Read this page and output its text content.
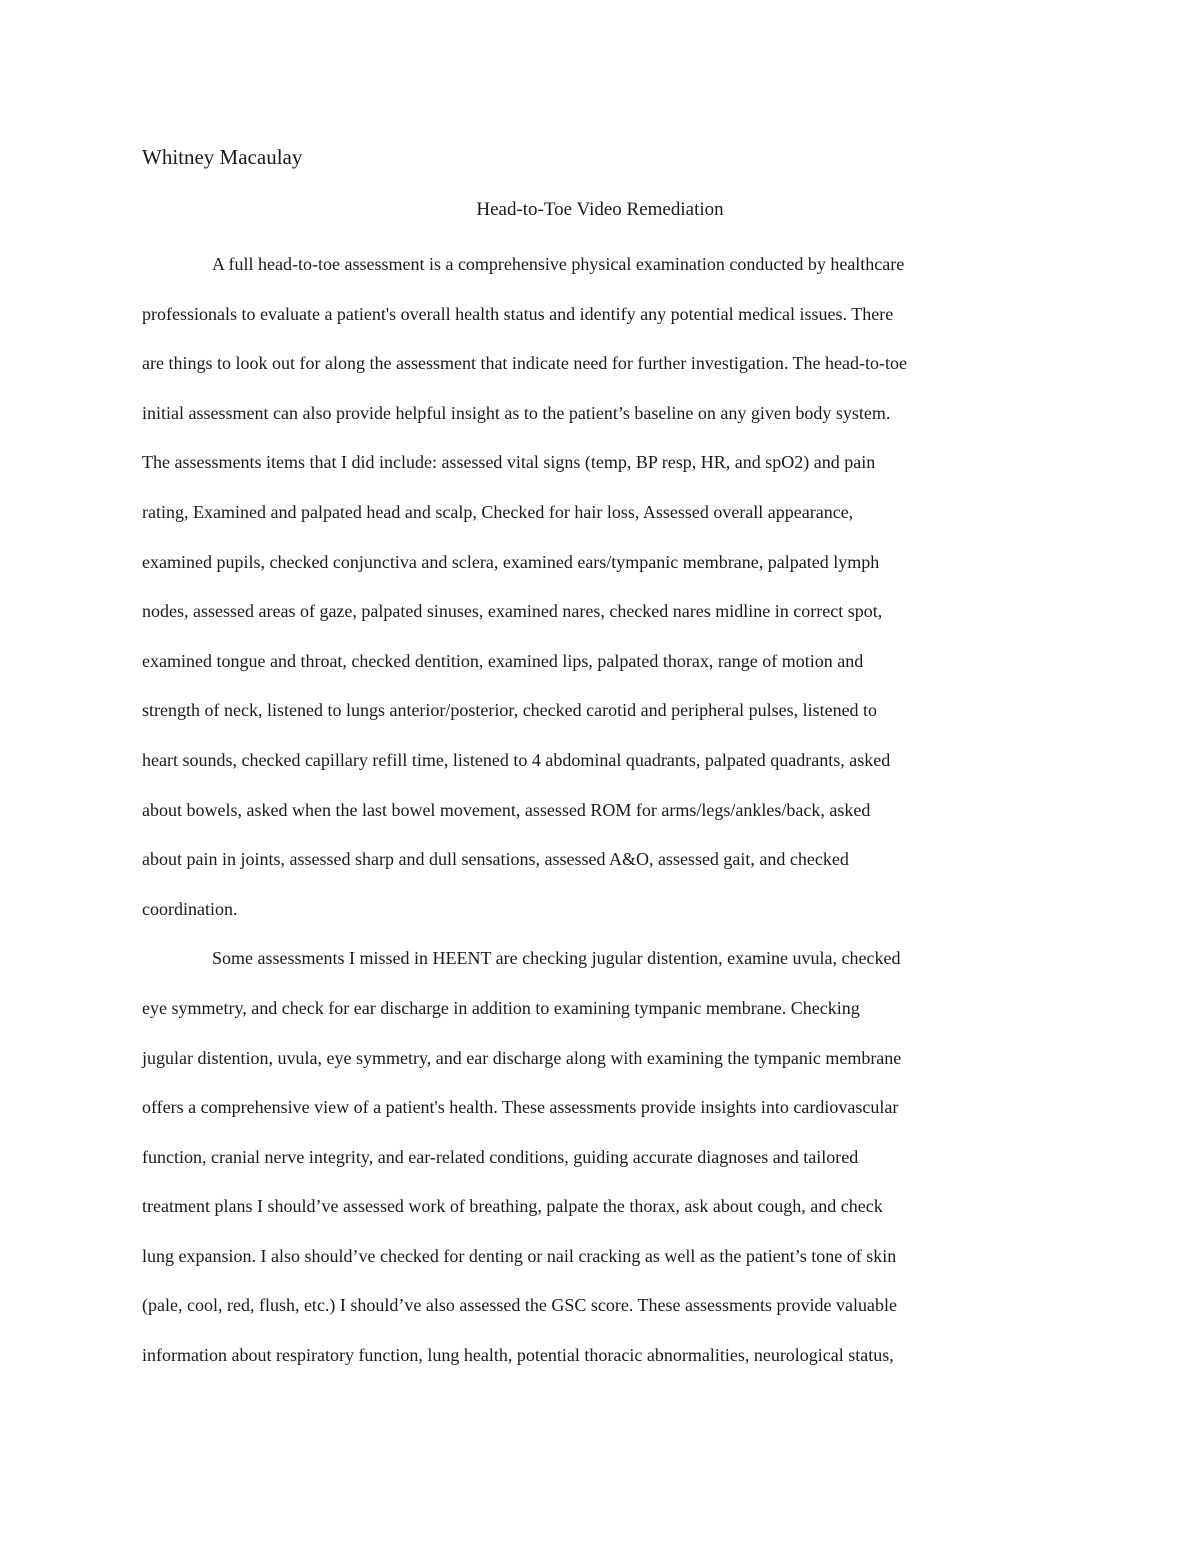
Whitney Macaulay

Head-to-Toe Video Remediation
A full head-to-toe assessment is a comprehensive physical examination conducted by healthcare
professionals to evaluate a patient's overall health status and identify any potential medical issues. There
are things to look out for along the assessment that indicate need for further investigation. The head-to-toe
initial assessment can also provide helpful insight as to the patient’s baseline on any given body system.
The assessments items that I did include: assessed vital signs (temp, BP resp, HR, and spO2) and pain
rating, Examined and palpated head and scalp, Checked for hair loss, Assessed overall appearance,
examined pupils, checked conjunctiva and sclera, examined ears/tympanic membrane, palpated lymph
nodes, assessed areas of gaze, palpated sinuses, examined nares, checked nares midline in correct spot,
examined tongue and throat, checked dentition, examined lips, palpated thorax, range of motion and
strength of neck, listened to lungs anterior/posterior, checked carotid and peripheral pulses, listened to
heart sounds, checked capillary refill time, listened to 4 abdominal quadrants, palpated quadrants, asked
about bowels, asked when the last bowel movement, assessed ROM for arms/legs/ankles/back, asked
about pain in joints, assessed sharp and dull sensations, assessed A&O, assessed gait, and checked
coordination.
Some assessments I missed in HEENT are checking jugular distention, examine uvula, checked
eye symmetry, and check for ear discharge in addition to examining tympanic membrane. Checking
jugular distention, uvula, eye symmetry, and ear discharge along with examining the tympanic membrane
offers a comprehensive view of a patient's health. These assessments provide insights into cardiovascular
function, cranial nerve integrity, and ear-related conditions, guiding accurate diagnoses and tailored
treatment plans I should’ve assessed work of breathing, palpate the thorax, ask about cough, and check
lung expansion. I also should’ve checked for denting or nail cracking as well as the patient’s tone of skin
(pale, cool, red, flush, etc.) I should’ve also assessed the GSC score. These assessments provide valuable
information about respiratory function, lung health, potential thoracic abnormalities, neurological status,
